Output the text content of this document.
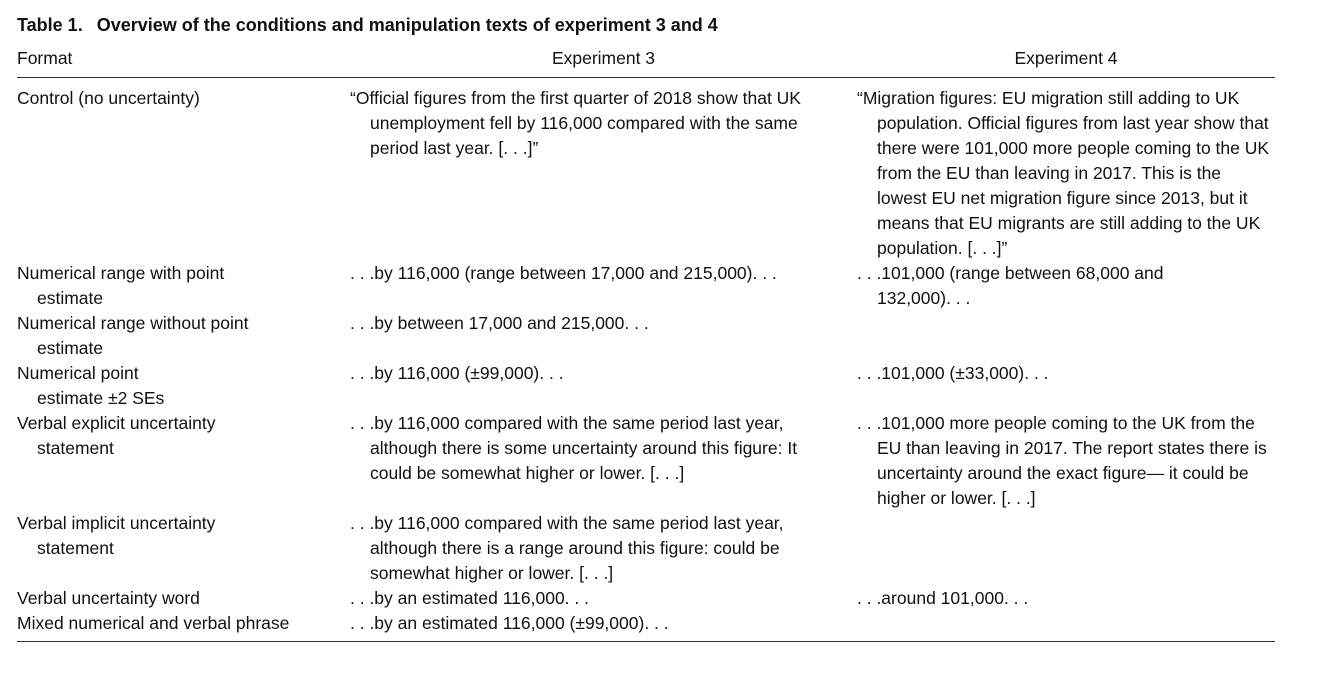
Table 1. Overview of the conditions and manipulation texts of experiment 3 and 4
Format	Experiment 3	Experiment 4
Control (no uncertainty)	“Official figures from the first quarter of 2018 show that UK unemployment fell by 116,000 compared with the same period last year. [. . .]”	“Migration figures: EU migration still adding to UK population. Official figures from last year show that there were 101,000 more people coming to the UK from the EU than leaving in 2017. This is the lowest EU net migration figure since 2013, but it means that EU migrants are still adding to the UK population. [. . .]”
Numerical range with point estimate	. . .by 116,000 (range between 17,000 and 215,000). . .	. . .101,000 (range between 68,000 and 132,000). . .
Numerical range without point estimate	. . .by between 17,000 and 215,000. . .	
Numerical point estimate ±2 SEs	. . .by 116,000 (±99,000). . .	. . .101,000 (±33,000). . .
Verbal explicit uncertainty statement	. . .by 116,000 compared with the same period last year, although there is some uncertainty around this figure: It could be somewhat higher or lower. [. . .]	. . .101,000 more people coming to the UK from the EU than leaving in 2017. The report states there is uncertainty around the exact figure— it could be higher or lower. [. . .]
Verbal implicit uncertainty statement	. . .by 116,000 compared with the same period last year, although there is a range around this figure: could be somewhat higher or lower. [. . .]	
Verbal uncertainty word	. . .by an estimated 116,000. . .	. . .around 101,000. . .
Mixed numerical and verbal phrase	. . .by an estimated 116,000 (±99,000). . .	
